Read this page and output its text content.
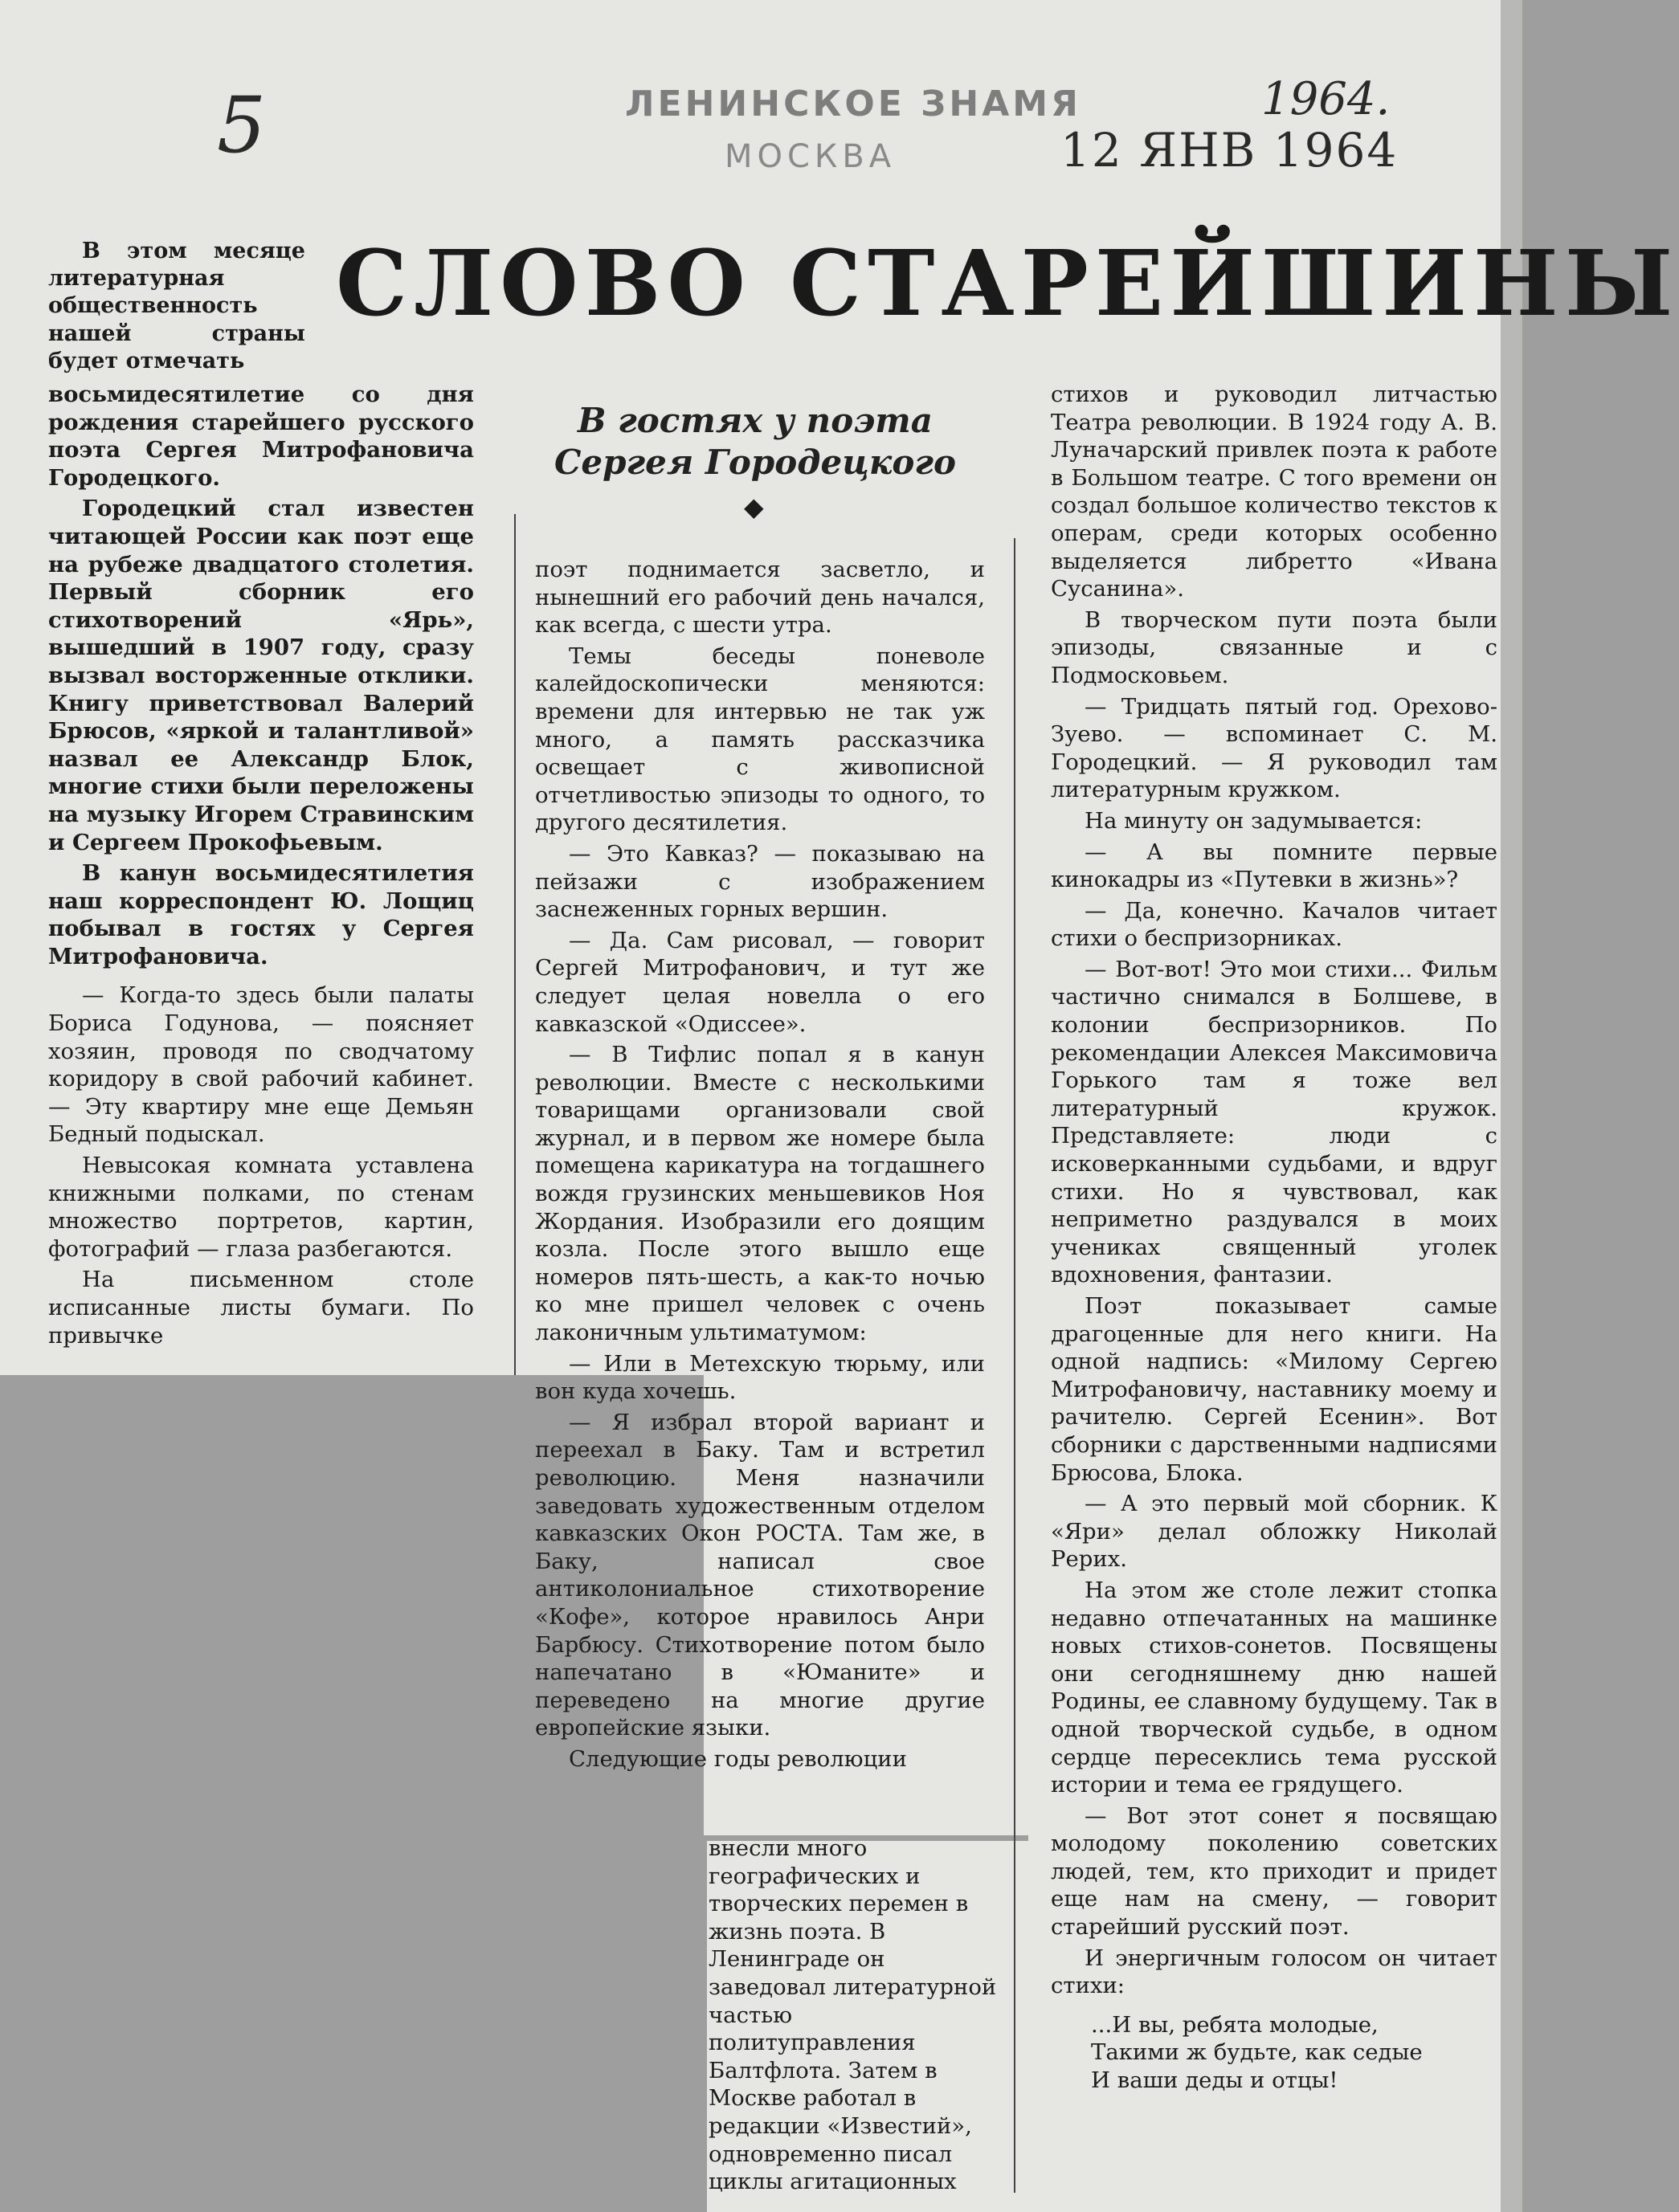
5	ЛЕНИНСКОЕ ЗНАМЯ
МОСКВА
1964.
12 ЯНВ 1964
СЛОВО СТАРЕЙШИНЫ
В гостях у поэта
Сергея Городецкого
◆

В этом месяце литературная общественность нашей страны будет отмечать

восьмидесятилетие со дня рождения старейшего русского поэта Сергея Митрофановича Городецкого.

Городецкий стал известен читающей России как поэт еще на рубеже двадцатого столетия. Первый сборник его стихотворений «Ярь», вышедший в 1907 году, сразу вызвал восторженные отклики. Книгу приветствовал Валерий Брюсов, «яркой и талантливой» назвал ее Александр Блок, многие стихи были переложены на музыку Игорем Стравинским и Сергеем Прокофьевым.

В канун восьмидесятилетия наш корреспондент Ю. Лощиц побывал в гостях у Сергея Митрофановича.

— Когда-то здесь были палаты Бориса Годунова, — поясняет хозяин, проводя по сводчатому коридору в свой рабочий кабинет. — Эту квартиру мне еще Демьян Бедный подыскал.

Невысокая комната уставлена книжными полками, по стенам множество портретов, картин, фотографий — глаза разбегаются.

На письменном столе исписанные листы бумаги. По привычке

поэт поднимается засветло, и нынешний его рабочий день начался, как всегда, с шести утра.

Темы беседы поневоле калейдоскопически меняются: времени для интервью не так уж много, а память рассказчика освещает с живописной отчетливостью эпизоды то одного, то другого десятилетия.

— Это Кавказ? — показываю на пейзажи с изображением заснеженных горных вершин.

— Да. Сам рисовал, — говорит Сергей Митрофанович, и тут же следует целая новелла о его кавказской «Одиссее».

— В Тифлис попал я в канун революции. Вместе с несколькими товарищами организовали свой журнал, и в первом же номере была помещена карикатура на тогдашнего вождя грузинских меньшевиков Ноя Жордания. Изобразили его доящим козла. После этого вышло еще номеров пять-шесть, а как-то ночью ко мне пришел человек с очень лаконичным ультиматумом:

— Или в Метехскую тюрьму, или вон куда хочешь.

— Я избрал второй вариант и переехал в Баку. Там и встретил революцию. Меня назначили заведовать художественным отделом кавказских Окон РОСТА. Там же, в Баку, написал свое антиколониальное стихотворение «Кофе», которое нравилось Анри Барбюсу. Стихотворение потом было напечатано в «Юманите» и переведено на многие другие европейские языки.

Следующие годы революции

внесли много географических и творческих перемен в жизнь поэта. В Ленинграде он заведовал литературной частью политуправления Балтфлота. Затем в Москве работал в редакции «Известий», одновременно писал циклы агитационных

стихов и руководил литчастью Театра революции. В 1924 году А. В. Луначарский привлек поэта к работе в Большом театре. С того времени он создал большое количество текстов к операм, среди которых особенно выделяется либретто «Ивана Сусанина».

В творческом пути поэта были эпизоды, связанные и с Подмосковьем.

— Тридцать пятый год. Орехово-Зуево. — вспоминает С. М. Городецкий. — Я руководил там литературным кружком.

На минуту он задумывается:

— А вы помните первые кинокадры из «Путевки в жизнь»?

— Да, конечно. Качалов читает стихи о беспризорниках.

— Вот-вот! Это мои стихи... Фильм частично снимался в Болшеве, в колонии беспризорников. По рекомендации Алексея Максимовича Горького там я тоже вел литературный кружок. Представляете: люди с исковерканными судьбами, и вдруг стихи. Но я чувствовал, как неприметно раздувался в моих учениках священный уголек вдохновения, фантазии.

Поэт показывает самые драгоценные для него книги. На одной надпись: «Милому Сергею Митрофановичу, наставнику моему и рачителю. Сергей Есенин». Вот сборники с дарственными надписями Брюсова, Блока.

— А это первый мой сборник. К «Яри» делал обложку Николай Рерих.

На этом же столе лежит стопка недавно отпечатанных на машинке новых стихов-сонетов. Посвящены они сегодняшнему дню нашей Родины, ее славному будущему. Так в одной творческой судьбе, в одном сердце пересеклись тема русской истории и тема ее грядущего.

— Вот этот сонет я посвящаю молодому поколению советских людей, тем, кто приходит и придет еще нам на смену, — говорит старейший русский поэт.

И энергичным голосом он читает стихи:

...И вы, ребята молодые,

Такими ж будьте, как седые

И ваши деды и отцы!
